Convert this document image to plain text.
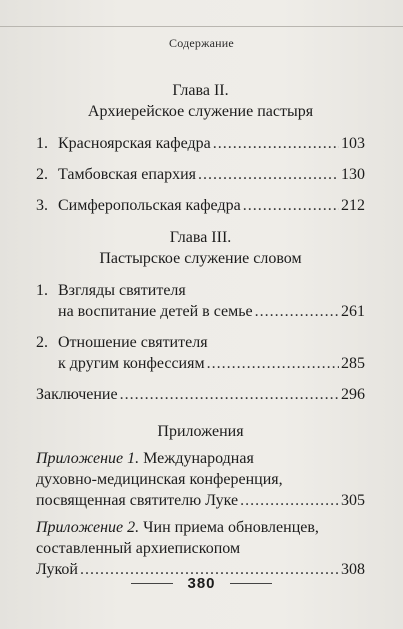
Содержание
Глава II.
Архиерейское служение пастыря
1. Красноярская кафедра .....	103
2. Тамбовская епархия .....	130
3. Симферопольская кафедра .....	212
Глава III.
Пастырское служение словом
1. Взгляды святителя
на воспитание детей в семье .....	261
2. Отношение святителя
к другим конфессиям .....	285
Заключение .....	296
Приложения
Приложение 1. Международная
духовно-медицинская конференция,
посвященная святителю Луке .....	305
Приложение 2. Чин приема обновленцев,
составленный архиепископом
Лукой .....	308
380
